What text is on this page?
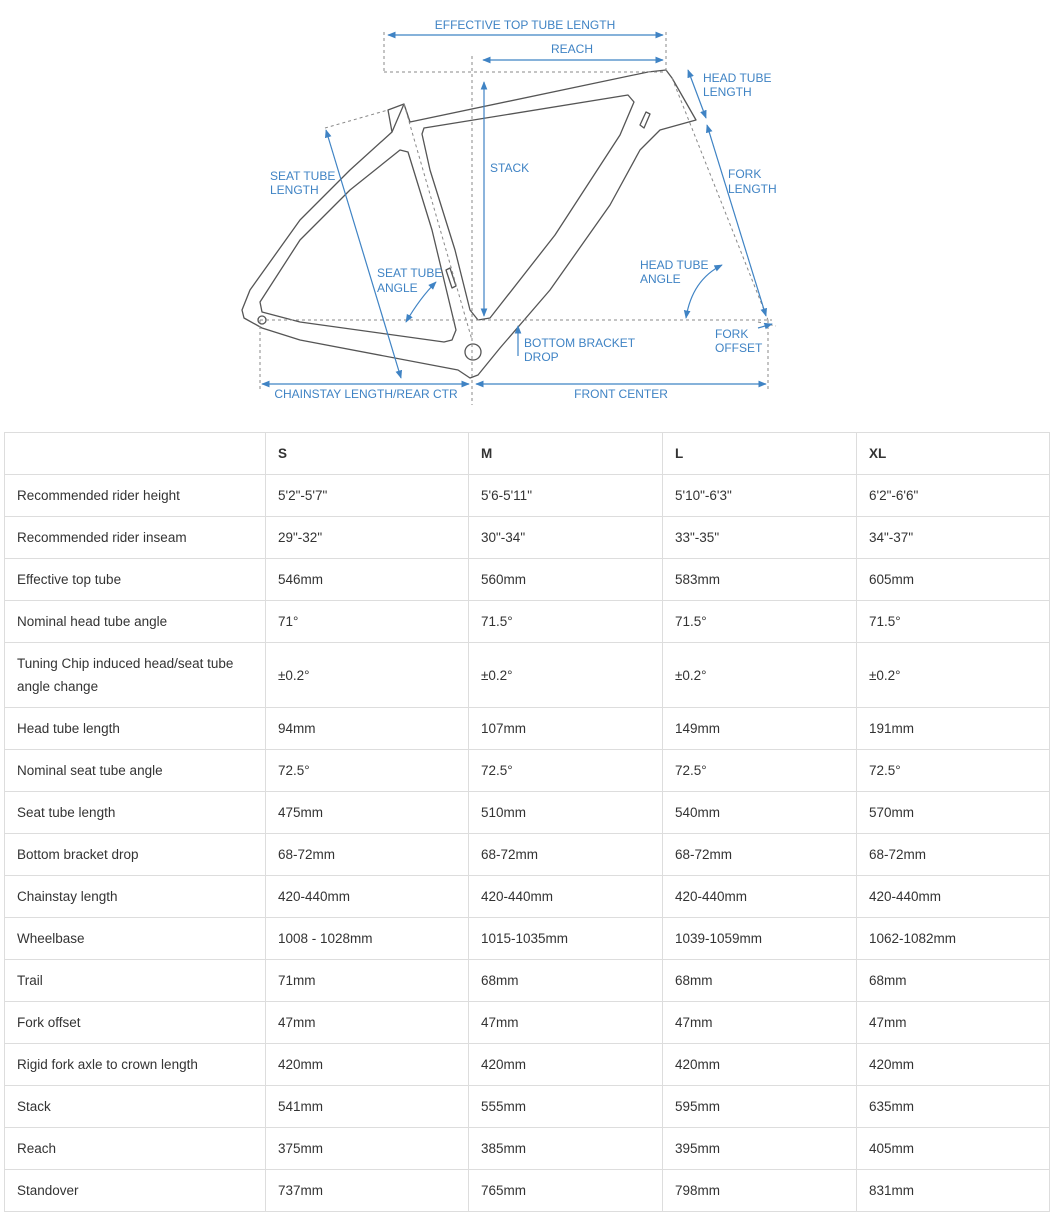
EFFECTIVE TOP TUBE LENGTH
REACH
HEAD TUBE
LENGTH
STACK
SEAT TUBE
LENGTH
FORK
LENGTH
SEAT TUBE
ANGLE
HEAD TUBE
ANGLE
BOTTOM BRACKET
DROP
FORK
OFFSET
CHAINSTAY LENGTH/REAR CTR	FRONT CENTER
	S	M	L	XL
Recommended rider height	5'2"-5'7"	5'6-5'11"	5'10"-6'3"	6'2"-6'6"
Recommended rider inseam	29"-32"	30"-34"	33"-35"	34"-37"
Effective top tube	546mm	560mm	583mm	605mm
Nominal head tube angle	71°	71.5°	71.5°	71.5°
Tuning Chip induced head/seat tube angle change	±0.2°	±0.2°	±0.2°	±0.2°
Head tube length	94mm	107mm	149mm	191mm
Nominal seat tube angle	72.5°	72.5°	72.5°	72.5°
Seat tube length	475mm	510mm	540mm	570mm
Bottom bracket drop	68-72mm	68-72mm	68-72mm	68-72mm
Chainstay length	420-440mm	420-440mm	420-440mm	420-440mm
Wheelbase	1008 - 1028mm	1015-1035mm	1039-1059mm	1062-1082mm
Trail	71mm	68mm	68mm	68mm
Fork offset	47mm	47mm	47mm	47mm
Rigid fork axle to crown length	420mm	420mm	420mm	420mm
Stack	541mm	555mm	595mm	635mm
Reach	375mm	385mm	395mm	405mm
Standover	737mm	765mm	798mm	831mm
